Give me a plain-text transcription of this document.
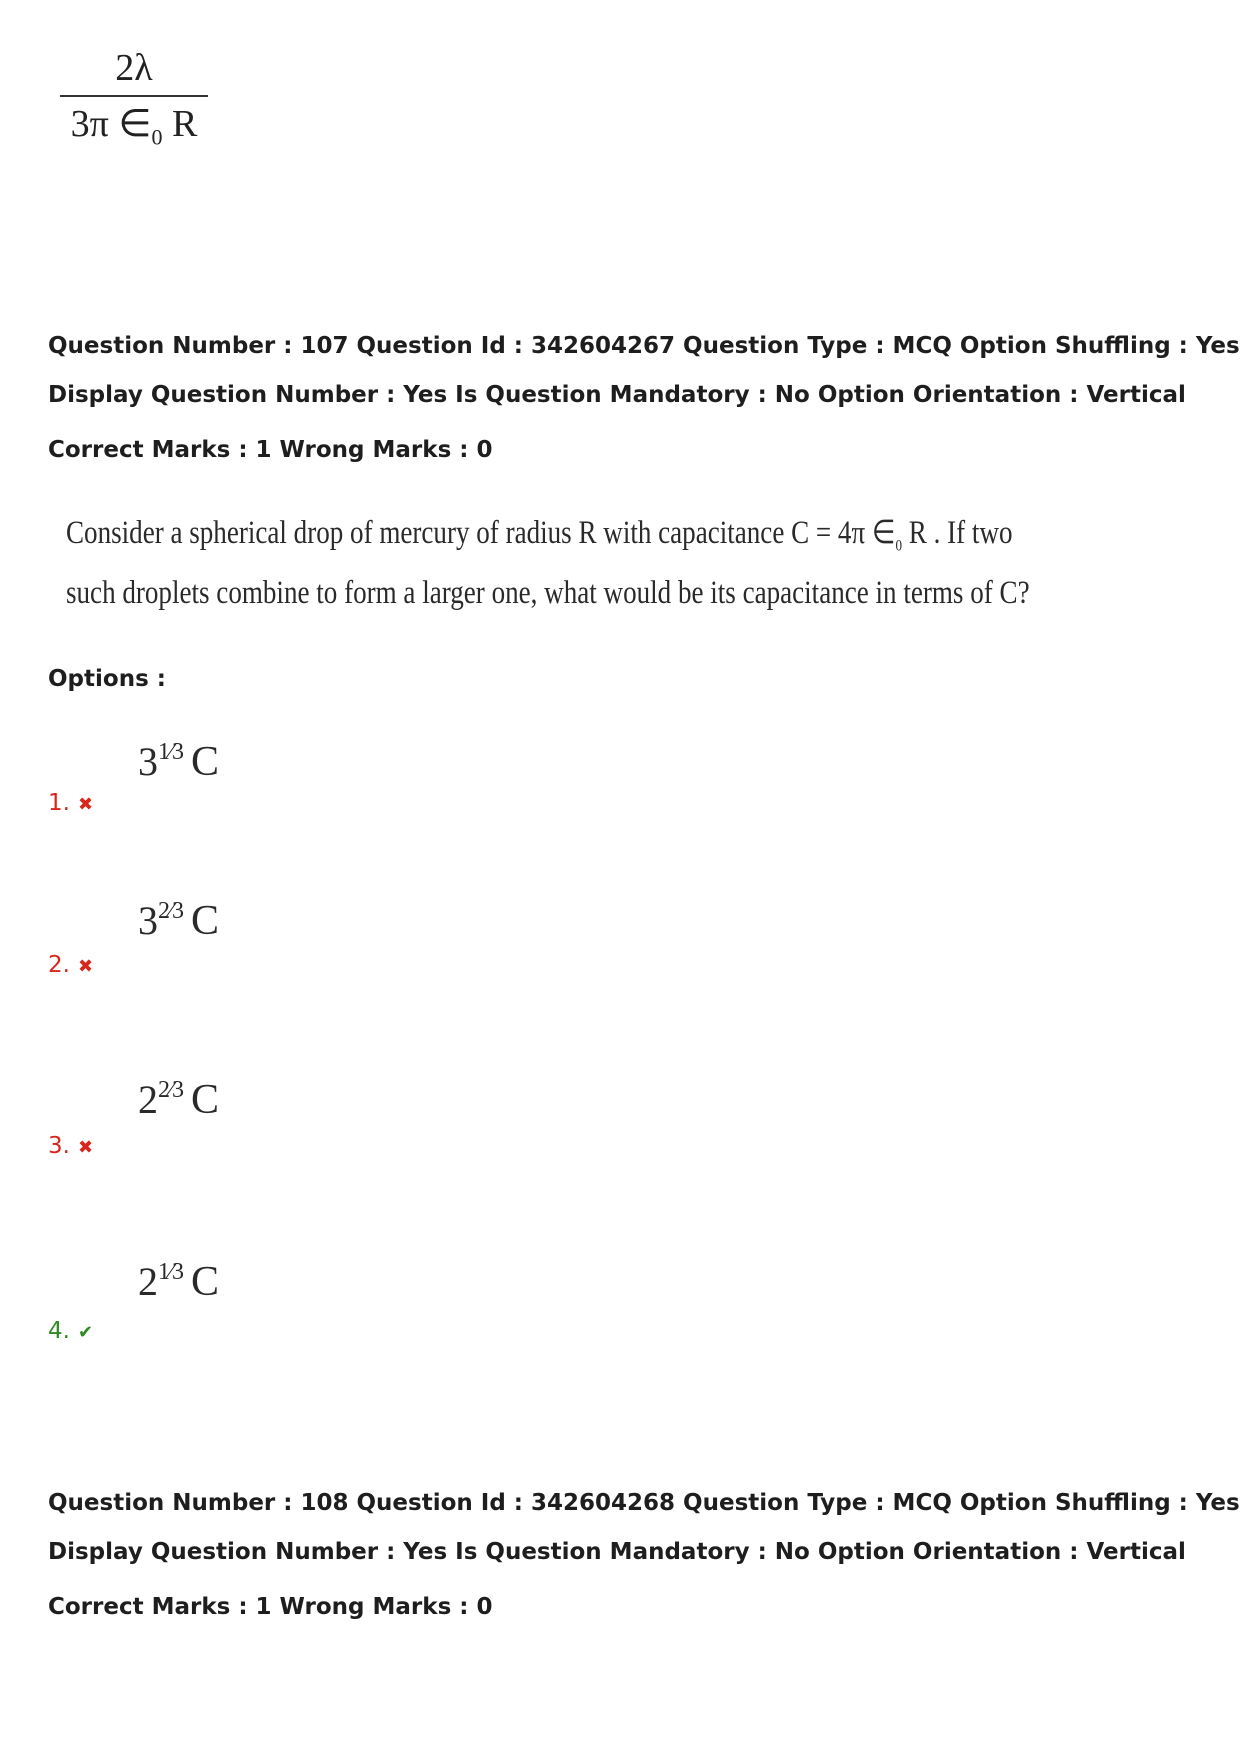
2λ
3π $\in_0$ R
Question Number : 107 Question Id : 342604267 Question Type : MCQ Option Shuffling : Yes
Display Question Number : Yes Is Question Mandatory : No Option Orientation : Vertical
Correct Marks : 1 Wrong Marks : 0
Consider a spherical drop of mercury of radius R with capacitance C = 4π $\in_0$ R . If two
such droplets combine to form a larger one, what would be its capacitance in terms of C?
Options :
$3^{1⁄3}$ C
1. ✖
$3^{2⁄3}$ C
2. ✖
$2^{2⁄3}$ C
3. ✖
$2^{1⁄3}$ C
4. ✔
Question Number : 108 Question Id : 342604268 Question Type : MCQ Option Shuffling : Yes
Display Question Number : Yes Is Question Mandatory : No Option Orientation : Vertical
Correct Marks : 1 Wrong Marks : 0
